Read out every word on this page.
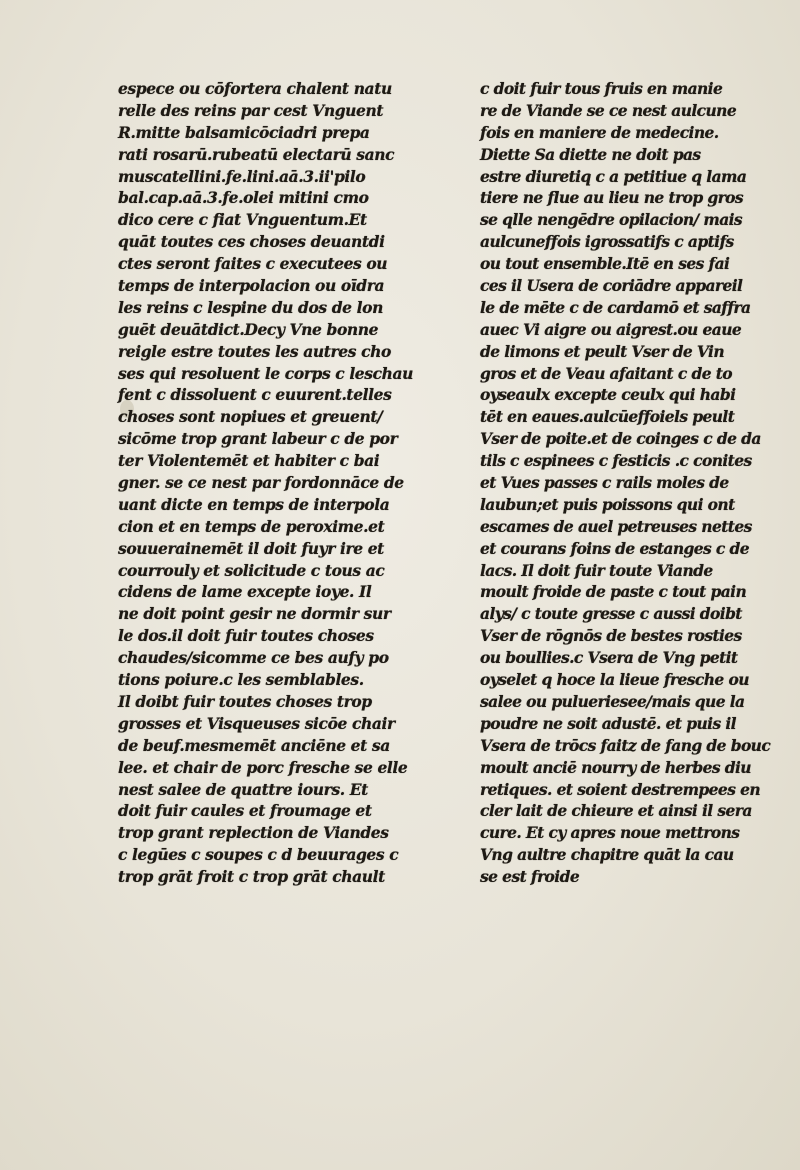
espece ou cōfortera chalent natu
relle des reins par cest Vnguent
R.mitte balsamicōciadri prepa
rati rosarū.rubeatū electarū sanc
muscatellini.fe.lini.aā.3.ii'pilo
bal.cap.aā.3.fe.olei mitini cmo
dico cere c fiat Vnguentum.Et
quāt toutes ces choses deuantdi
ctes seront faites c executees ou
temps de interpolacion ou oīdra
les reins c lespine du dos de lon
guēt deuātdict.Decy Vne bonne
reigle estre toutes les autres cho
ses qui resoluent le corps c leschau
fent c dissoluent c euurent.telles
choses sont nopiues et greuent/
sicōme trop grant labeur c de por
ter Violentemēt et habiter c bai
gner. se ce nest par fordonnāce de
uant dicte en temps de interpola
cion et en temps de peroxime.et
souuerainemēt il doit fuyr ire et
courrouly et solicitude c tous ac
cidens de lame excepte ioye. Il
ne doit point gesir ne dormir sur
le dos.il doit fuir toutes choses
chaudes/sicomme ce bes aufy po
tions poiure.c les semblables.
Il doibt fuir toutes choses trop
grosses et Visqueuses sicōe chair
de beuf.mesmemēt anciēne et sa
lee. et chair de porc fresche se elle
nest salee de quattre iours. Et
doit fuir caules et froumage et
trop grant replection de Viandes
c legūes c soupes c d beuurages c
trop grāt froit c trop grāt chault
c doit fuir tous fruis en manie
re de Viande se ce nest aulcune
fois en maniere de medecine.
Diette Sa diette ne doit pas
estre diuretiq c a petitiue q lama
tiere ne flue au lieu ne trop gros
se qlle nengēdre opilacion/ mais
aulcuneffois igrossatifs c aptifs
ou tout ensemble.Itē en ses fai
ces il Usera de coriādre appareil
le de mēte c de cardamō et saffra
auec Vi aigre ou aigrest.ou eaue
de limons et peult Vser de Vin
gros et de Veau afaitant c de to
oyseaulx excepte ceulx qui habi
tēt en eaues.aulcūeffoiels peult
Vser de poite.et de coinges c de da
tils c espinees c festicis .c conites
et Vues passes c rails moles de
laubun;et puis poissons qui ont
escames de auel petreuses nettes
et courans foins de estanges c de
lacs. Il doit fuir toute Viande
moult froide de paste c tout pain
alys/ c toute gresse c aussi doibt
Vser de rōgnōs de bestes rosties
ou boullies.c Vsera de Vng petit
oyselet q hoce la lieue fresche ou
salee ou pulueriesee/mais que la
poudre ne soit adustē. et puis il
Vsera de trōcs faitz de fang de bouc
moult anciē nourry de herbes diu
retiques. et soient destrempees en
cler lait de chieure et ainsi il sera
cure. Et cy apres noue mettrons
Vng aultre chapitre quāt la cau
se est froide
